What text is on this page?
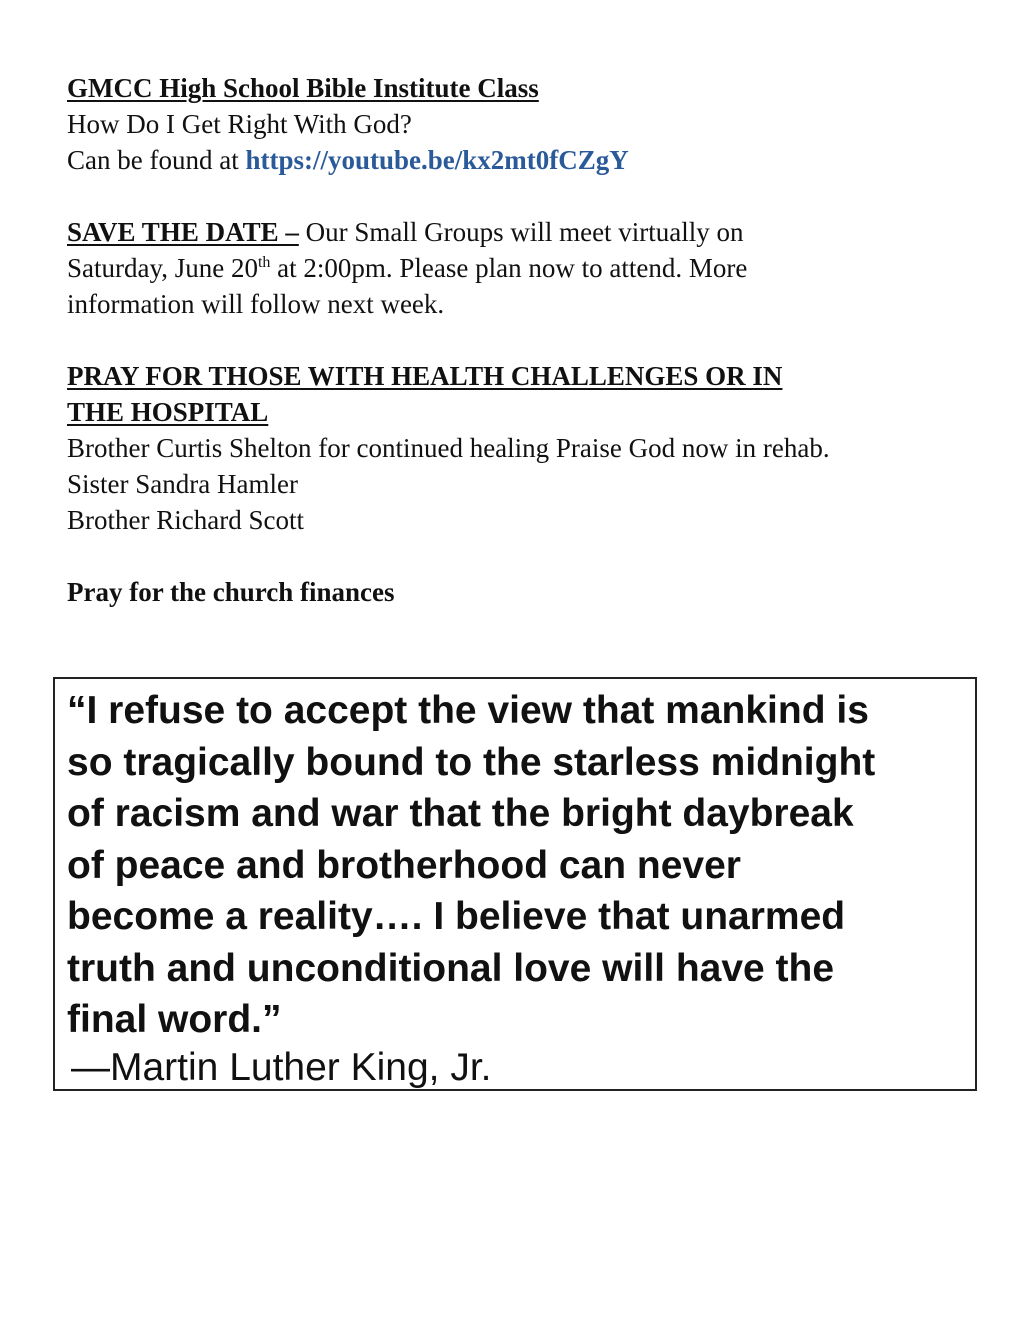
GMCC High School Bible Institute Class
How Do I Get Right With God?
Can be found at https://youtube.be/kx2mt0fCZgY
SAVE THE DATE – Our Small Groups will meet virtually on
Saturday, June 20th at 2:00pm. Please plan now to attend. More
information will follow next week.
PRAY FOR THOSE WITH HEALTH CHALLENGES OR IN
THE HOSPITAL
Brother Curtis Shelton for continued healing Praise God now in rehab.
Sister Sandra Hamler
Brother Richard Scott
Pray for the church finances
“I refuse to accept the view that mankind is
so tragically bound to the starless midnight
of racism and war that the bright daybreak
of peace and brotherhood can never
become a reality…. I believe that unarmed
truth and unconditional love will have the
final word.”
—Martin Luther King, Jr.
